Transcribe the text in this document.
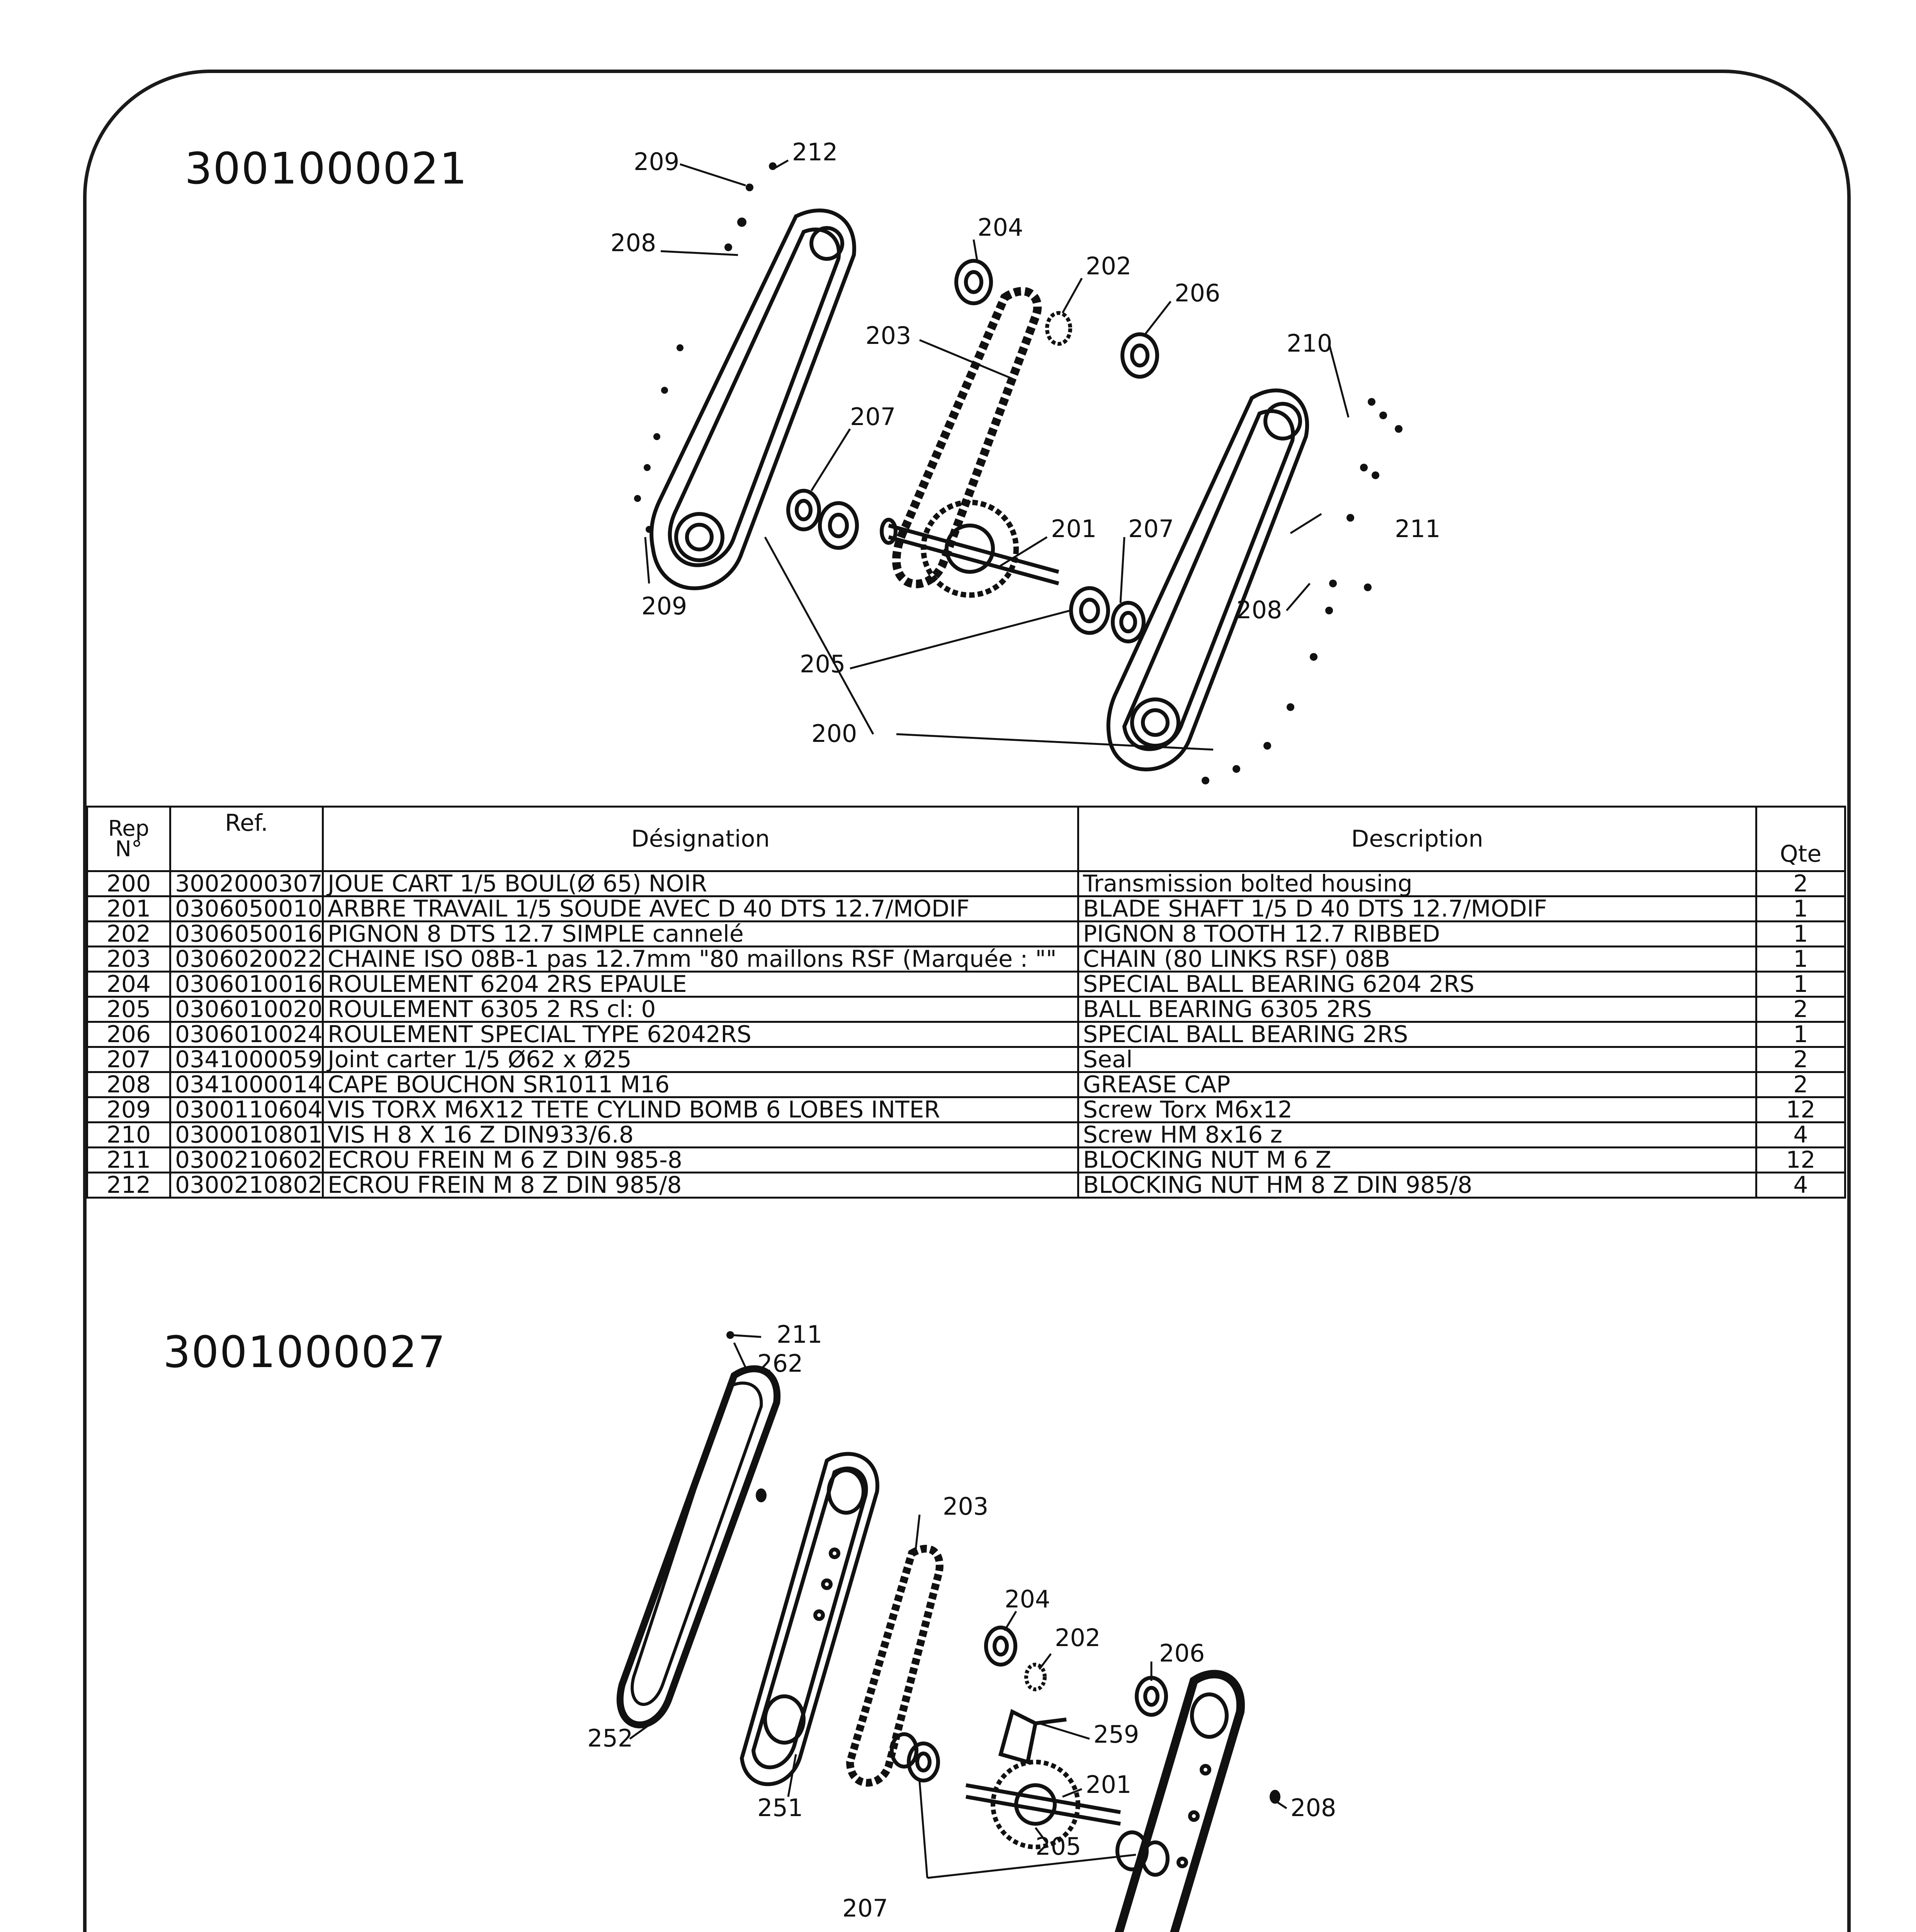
3001000021	209	212
208
204
202
206
203	210
207
211
201 207
208
209
205
200
Rep N°	Ref.	Désignation	Description	Qte
200	3002000307	JOUE CART 1/5 BOUL(Ø 65) NOIR	Transmission bolted housing	2
201	0306050010	ARBRE TRAVAIL 1/5 SOUDE AVEC D 40 DTS 12.7/MODIF	BLADE SHAFT 1/5 D 40 DTS 12.7/MODIF	1
202	0306050016	PIGNON 8 DTS 12.7 SIMPLE cannelé	PIGNON 8 TOOTH 12.7 RIBBED	1
203	0306020022	CHAINE ISO 08B-1 pas 12.7mm "80 maillons RSF (Marquée : ""	CHAIN (80 LINKS RSF) 08B	1
204	0306010016	ROULEMENT 6204 2RS EPAULE	SPECIAL BALL BEARING 6204 2RS	1
205	0306010020	ROULEMENT 6305 2 RS cl: 0	BALL BEARING 6305 2RS	2
206	0306010024	ROULEMENT SPECIAL TYPE 62042RS	SPECIAL BALL BEARING 2RS	1
207	0341000059	Joint carter 1/5 Ø62 x Ø25	Seal	2
208	0341000014	CAPE BOUCHON SR1011 M16	GREASE CAP	2
209	0300110604	VIS TORX M6X12 TETE CYLIND BOMB 6 LOBES INTER	Screw Torx M6x12	12
210	0300010801	VIS H 8 X 16 Z DIN933/6.8	Screw HM 8x16 z	4
211	0300210602	ECROU FREIN M 6 Z DIN 985-8	BLOCKING NUT M 6 Z	12
212	0300210802	ECROU FREIN M 8 Z DIN 985/8	BLOCKING NUT HM 8 Z DIN 985/8	4
3001000027	211
262
203
204
202
206
259
252
201
251	208
205
207
